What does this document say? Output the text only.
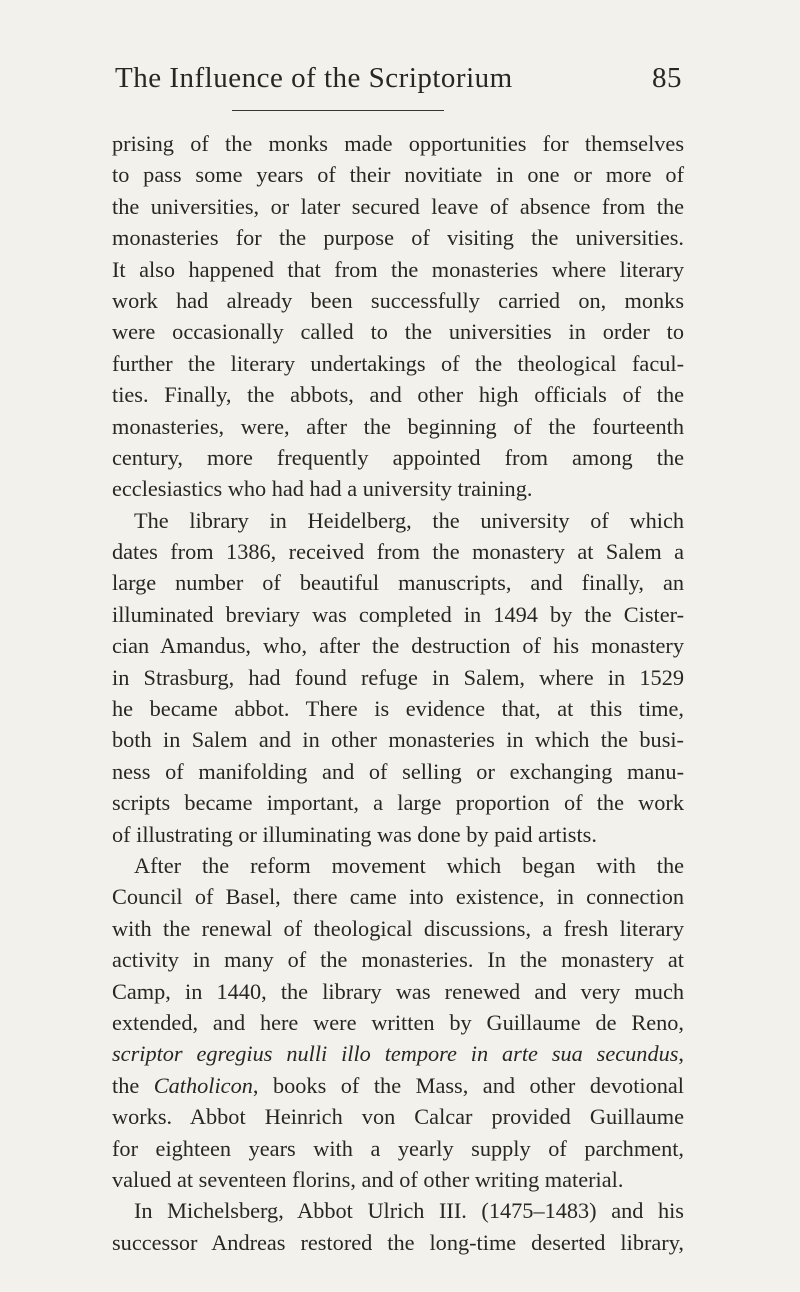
The Influence of the Scriptorium	85
prising of the monks made opportunities for themselves
to pass some years of their novitiate in one or more of
the universities, or later secured leave of absence from the
monasteries for the purpose of visiting the universities.
It also happened that from the monasteries where literary
work had already been successfully carried on, monks
were occasionally called to the universities in order to
further the literary undertakings of the theological facul-
ties. Finally, the abbots, and other high officials of the
monasteries, were, after the beginning of the fourteenth
century, more frequently appointed from among the
ecclesiastics who had had a university training.
The library in Heidelberg, the university of which
dates from 1386, received from the monastery at Salem a
large number of beautiful manuscripts, and finally, an
illuminated breviary was completed in 1494 by the Cister-
cian Amandus, who, after the destruction of his monastery
in Strasburg, had found refuge in Salem, where in 1529
he became abbot. There is evidence that, at this time,
both in Salem and in other monasteries in which the busi-
ness of manifolding and of selling or exchanging manu-
scripts became important, a large proportion of the work
of illustrating or illuminating was done by paid artists.
After the reform movement which began with the
Council of Basel, there came into existence, in connection
with the renewal of theological discussions, a fresh literary
activity in many of the monasteries. In the monastery at
Camp, in 1440, the library was renewed and very much
extended, and here were written by Guillaume de Reno,
scriptor egregius nulli illo tempore in arte sua secundus,
the Catholicon, books of the Mass, and other devotional
works. Abbot Heinrich von Calcar provided Guillaume
for eighteen years with a yearly supply of parchment,
valued at seventeen florins, and of other writing material.
In Michelsberg, Abbot Ulrich III. (1475–1483) and his
successor Andreas restored the long-time deserted library,
